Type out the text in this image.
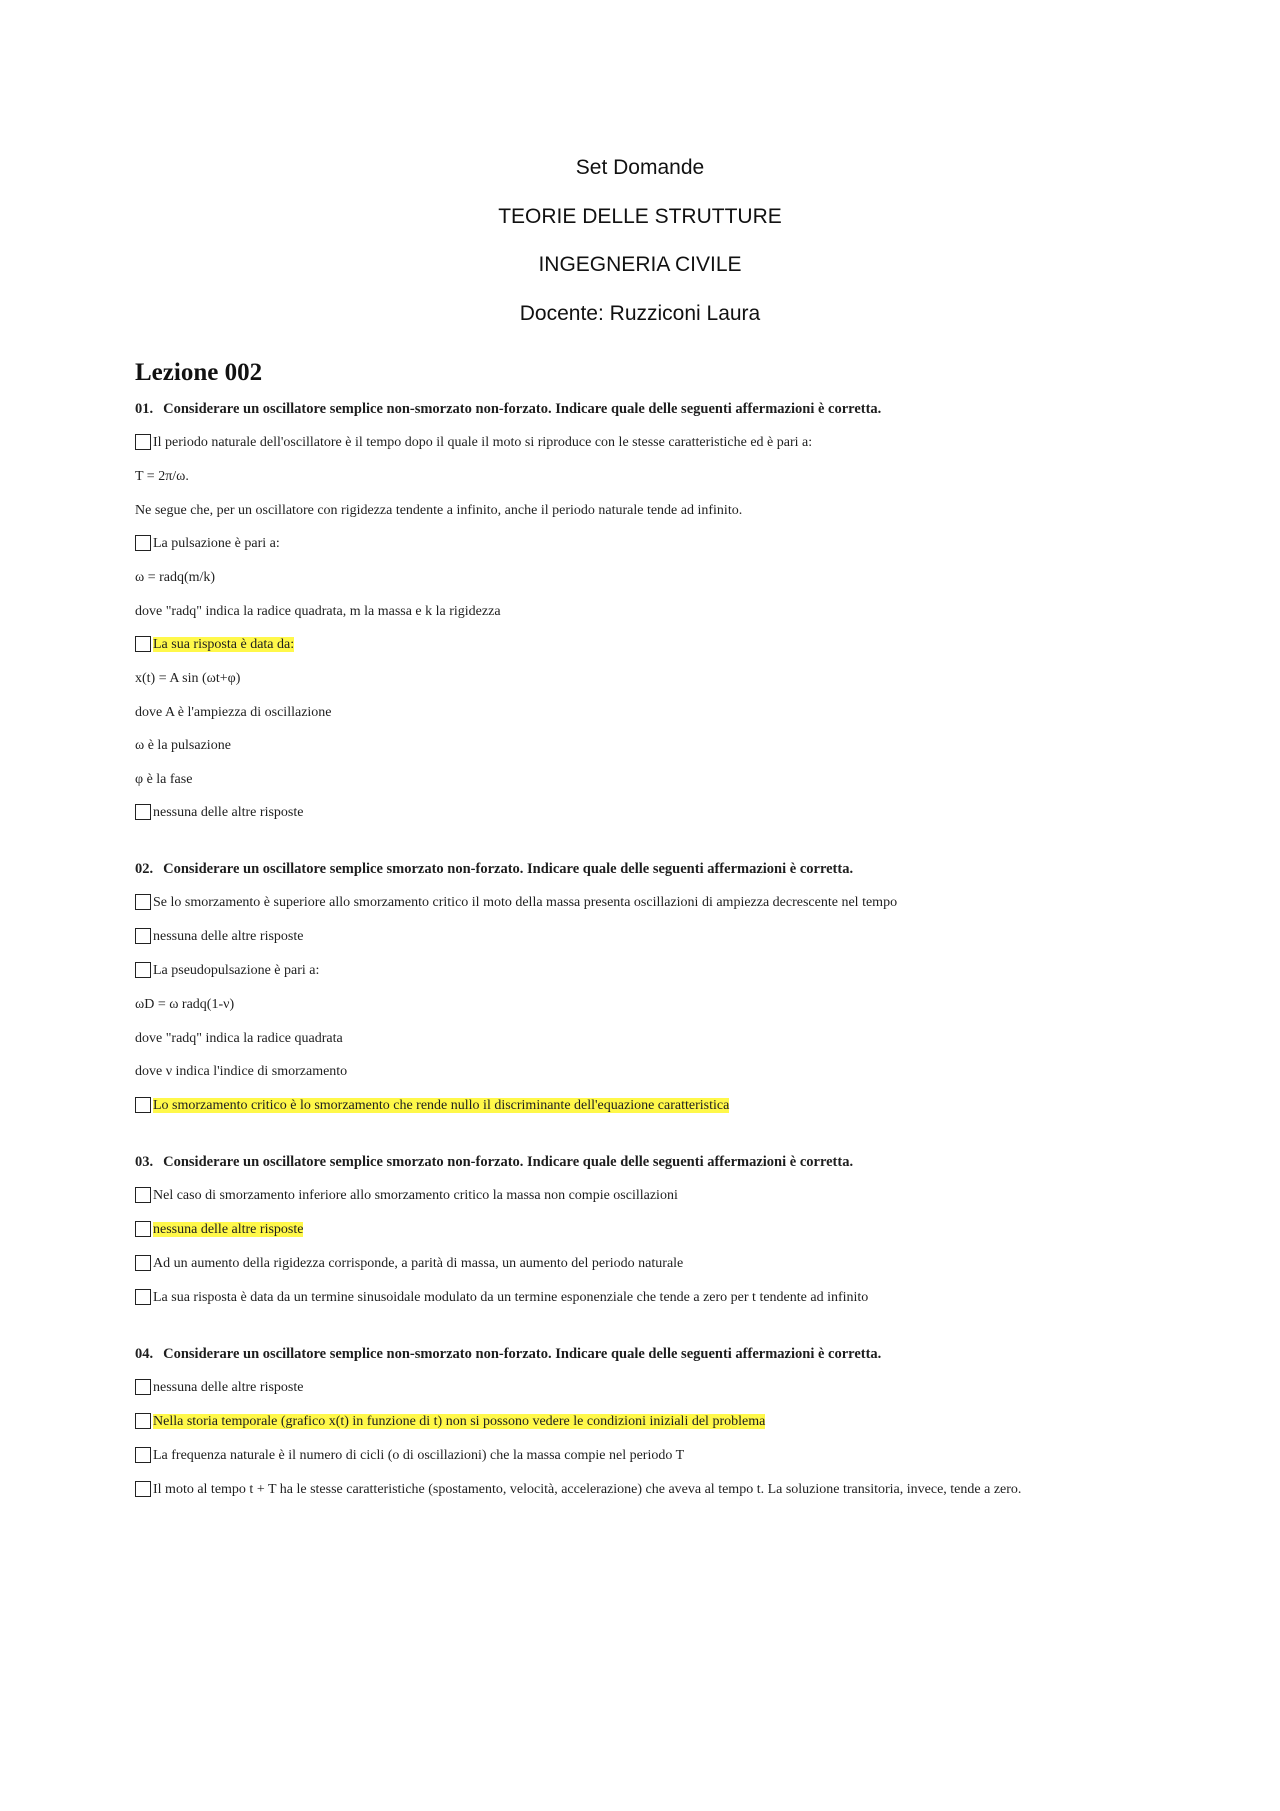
Set Domande
TEORIE DELLE STRUTTURE
INGEGNERIA CIVILE
Docente: Ruzziconi Laura
Lezione 002
01. Considerare un oscillatore semplice non-smorzato non-forzato. Indicare quale delle seguenti affermazioni è corretta.
Il periodo naturale dell'oscillatore è il tempo dopo il quale il moto si riproduce con le stesse caratteristiche ed è pari a:
T = 2π/ω.
Ne segue che, per un oscillatore con rigidezza tendente a infinito, anche il periodo naturale tende ad infinito.
La pulsazione è pari a:
ω = radq(m/k)
dove "radq" indica la radice quadrata, m la massa e k la rigidezza
La sua risposta è data da:
x(t) = A sin (ωt+φ)
dove A è l'ampiezza di oscillazione
ω è la pulsazione
φ è la fase
nessuna delle altre risposte
02. Considerare un oscillatore semplice smorzato non-forzato. Indicare quale delle seguenti affermazioni è corretta.
Se lo smorzamento è superiore allo smorzamento critico il moto della massa presenta oscillazioni di ampiezza decrescente nel tempo
nessuna delle altre risposte
La pseudopulsazione è pari a:
ωD = ω radq(1-ν)
dove "radq" indica la radice quadrata
dove ν indica l'indice di smorzamento
Lo smorzamento critico è lo smorzamento che rende nullo il discriminante dell'equazione caratteristica
03. Considerare un oscillatore semplice smorzato non-forzato. Indicare quale delle seguenti affermazioni è corretta.
Nel caso di smorzamento inferiore allo smorzamento critico la massa non compie oscillazioni
nessuna delle altre risposte
Ad un aumento della rigidezza corrisponde, a parità di massa, un aumento del periodo naturale
La sua risposta è data da un termine sinusoidale modulato da un termine esponenziale che tende a zero per t tendente ad infinito
04. Considerare un oscillatore semplice non-smorzato non-forzato. Indicare quale delle seguenti affermazioni è corretta.
nessuna delle altre risposte
Nella storia temporale (grafico x(t) in funzione di t) non si possono vedere le condizioni iniziali del problema
La frequenza naturale è il numero di cicli (o di oscillazioni) che la massa compie nel periodo T
Il moto al tempo t + T ha le stesse caratteristiche (spostamento, velocità, accelerazione) che aveva al tempo t. La soluzione transitoria, invece, tende a zero.
